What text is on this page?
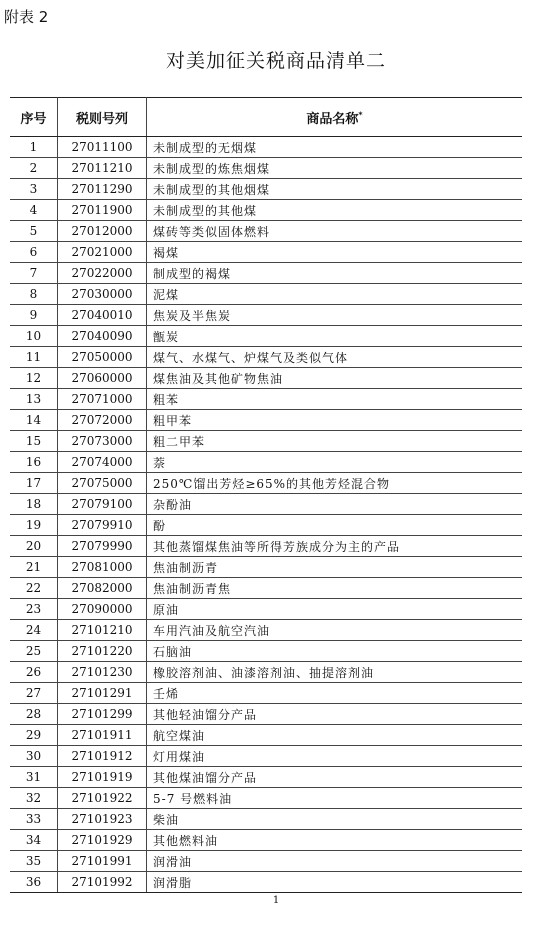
附表 2
对美加征关税商品清单二
序号	税则号列	商品名称*
1	27011100	未制成型的无烟煤
2	27011210	未制成型的炼焦烟煤
3	27011290	未制成型的其他烟煤
4	27011900	未制成型的其他煤
5	27012000	煤砖等类似固体燃料
6	27021000	褐煤
7	27022000	制成型的褐煤
8	27030000	泥煤
9	27040010	焦炭及半焦炭
10	27040090	甑炭
11	27050000	煤气、水煤气、炉煤气及类似气体
12	27060000	煤焦油及其他矿物焦油
13	27071000	粗苯
14	27072000	粗甲苯
15	27073000	粗二甲苯
16	27074000	萘
17	27075000	250℃馏出芳烃≥65%的其他芳烃混合物
18	27079100	杂酚油
19	27079910	酚
20	27079990	其他蒸馏煤焦油等所得芳族成分为主的产品
21	27081000	焦油制沥青
22	27082000	焦油制沥青焦
23	27090000	原油
24	27101210	车用汽油及航空汽油
25	27101220	石脑油
26	27101230	橡胶溶剂油、油漆溶剂油、抽提溶剂油
27	27101291	壬烯
28	27101299	其他轻油馏分产品
29	27101911	航空煤油
30	27101912	灯用煤油
31	27101919	其他煤油馏分产品
32	27101922	5-7 号燃料油
33	27101923	柴油
34	27101929	其他燃料油
35	27101991	润滑油
36	27101992	润滑脂
1
